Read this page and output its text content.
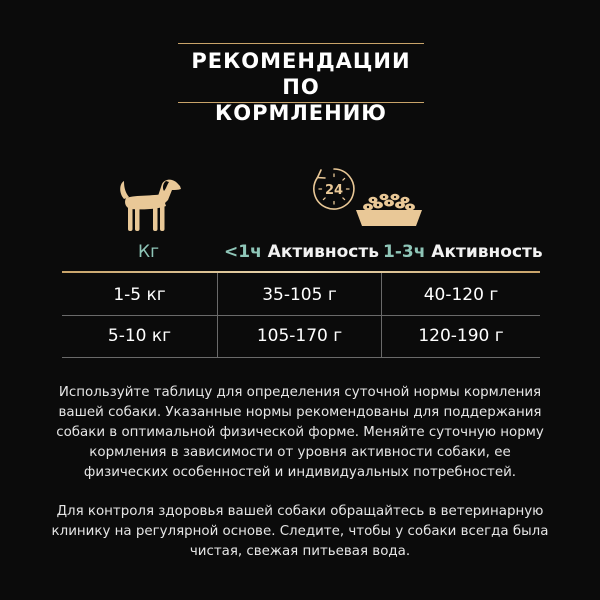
РЕКОМЕНДАЦИИ ПО
КОРМЛЕНИЮ
24
Кг	<1ч Активность 1-3ч Активность
1-5 кг	35-105 г	40-120 г
5-10 кг	105-170 г	120-190 г
Используйте таблицу для определения суточной нормы кормления
вашей собаки. Указанные нормы рекомендованы для поддержания
собаки в оптимальной физической форме. Меняйте суточную норму
кормления в зависимости от уровня активности собаки, ее
физических особенностей и индивидуальных потребностей.
Для контроля здоровья вашей собаки обращайтесь в ветеринарную
клинику на регулярной основе. Следите, чтобы у собаки всегда была
чистая, свежая питьевая вода.
